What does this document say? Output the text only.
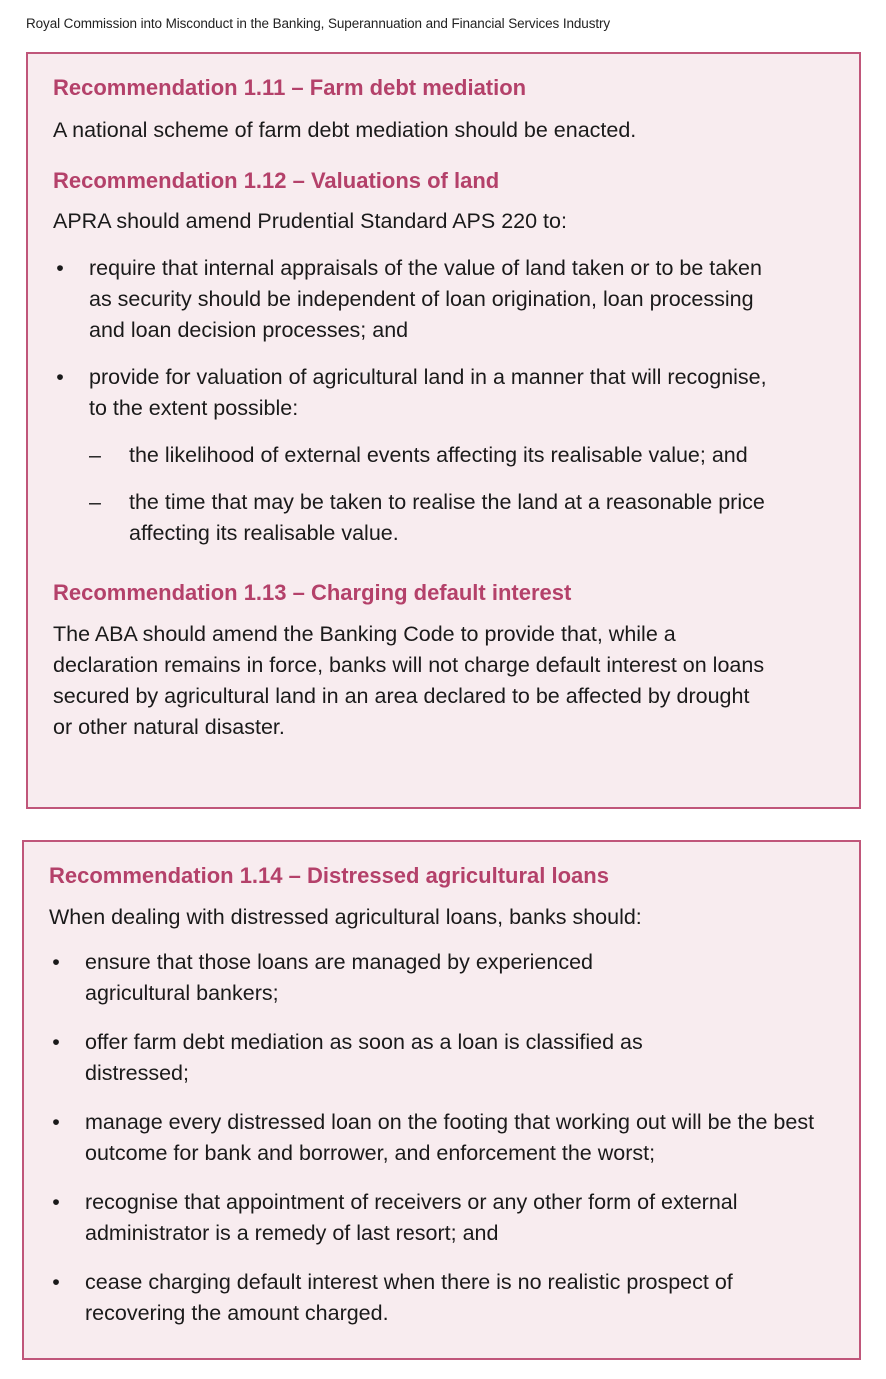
Royal Commission into Misconduct in the Banking, Superannuation and Financial Services Industry
Recommendation 1.11 – Farm debt mediation

A national scheme of farm debt mediation should be enacted.

Recommendation 1.12 – Valuations of land

APRA should amend Prudential Standard APS 220 to:

• require that internal appraisals of the value of land taken or to be taken as security should be independent of loan origination, loan processing and loan decision processes; and
• provide for valuation of agricultural land in a manner that will recognise, to the extent possible:
– the likelihood of external events affecting its realisable value; and
– the time that may be taken to realise the land at a reasonable price affecting its realisable value.
Recommendation 1.13 – Charging default interest

The ABA should amend the Banking Code to provide that, while a declaration remains in force, banks will not charge default interest on loans secured by agricultural land in an area declared to be affected by drought or other natural disaster.

Recommendation 1.14 – Distressed agricultural loans

When dealing with distressed agricultural loans, banks should:

• ensure that those loans are managed by experienced agricultural bankers;
• offer farm debt mediation as soon as a loan is classified as distressed;
• manage every distressed loan on the footing that working out will be the best outcome for bank and borrower, and enforcement the worst;
• recognise that appointment of receivers or any other form of external administrator is a remedy of last resort; and
• cease charging default interest when there is no realistic prospect of recovering the amount charged.
